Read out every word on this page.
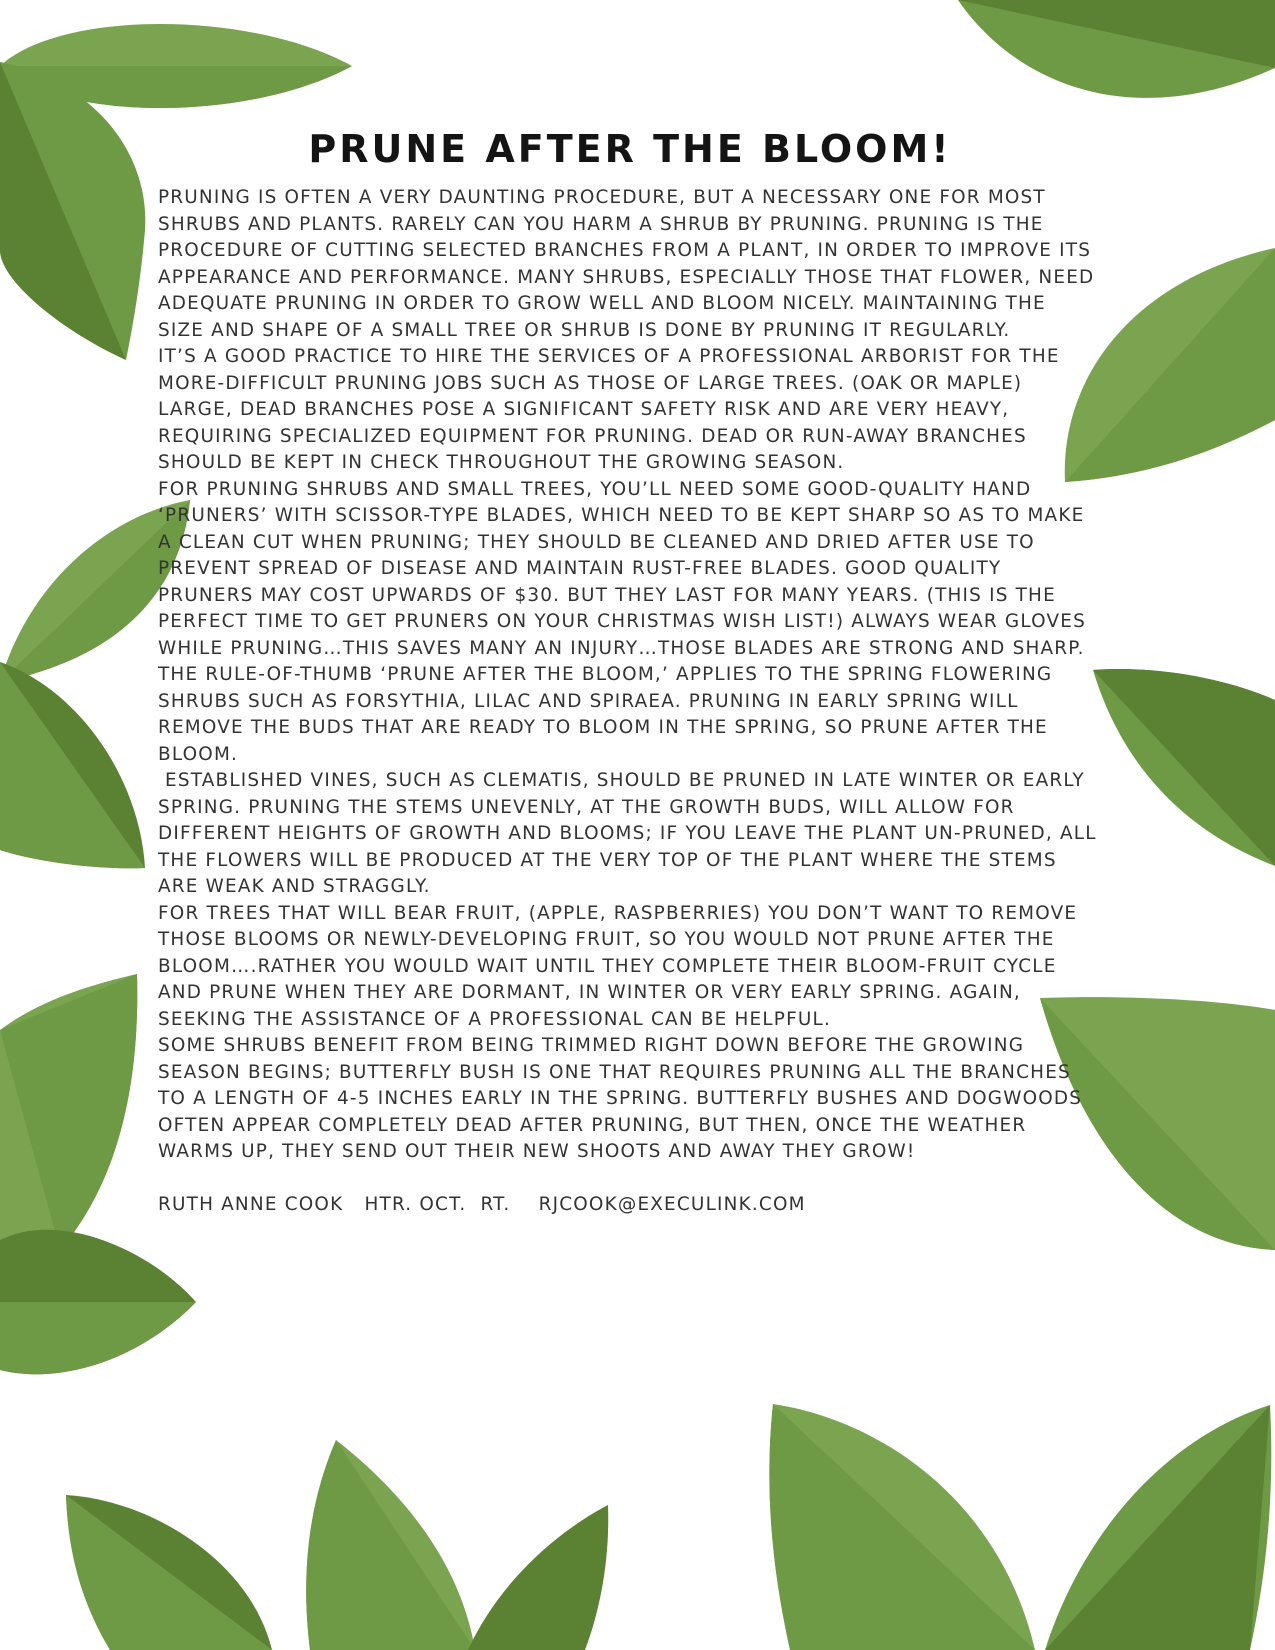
PRUNE AFTER THE BLOOM!

PRUNING IS OFTEN A VERY DAUNTING PROCEDURE, BUT A NECESSARY ONE FOR MOST SHRUBS AND PLANTS. RARELY CAN YOU HARM A SHRUB BY PRUNING. PRUNING IS THE PROCEDURE OF CUTTING SELECTED BRANCHES FROM A PLANT, IN ORDER TO IMPROVE ITS APPEARANCE AND PERFORMANCE. MANY SHRUBS, ESPECIALLY THOSE THAT FLOWER, NEED ADEQUATE PRUNING IN ORDER TO GROW WELL AND BLOOM NICELY. MAINTAINING THE SIZE AND SHAPE OF A SMALL TREE OR SHRUB IS DONE BY PRUNING IT REGULARLY.

IT’S A GOOD PRACTICE TO HIRE THE SERVICES OF A PROFESSIONAL ARBORIST FOR THE MORE-DIFFICULT PRUNING JOBS SUCH AS THOSE OF LARGE TREES. (OAK OR MAPLE) LARGE, DEAD BRANCHES POSE A SIGNIFICANT SAFETY RISK AND ARE VERY HEAVY, REQUIRING SPECIALIZED EQUIPMENT FOR PRUNING. DEAD OR RUN-AWAY BRANCHES SHOULD BE KEPT IN CHECK THROUGHOUT THE GROWING SEASON.

FOR PRUNING SHRUBS AND SMALL TREES, YOU’LL NEED SOME GOOD-QUALITY HAND ‘PRUNERS’ WITH SCISSOR-TYPE BLADES, WHICH NEED TO BE KEPT SHARP SO AS TO MAKE A CLEAN CUT WHEN PRUNING; THEY SHOULD BE CLEANED AND DRIED AFTER USE TO PREVENT SPREAD OF DISEASE AND MAINTAIN RUST-FREE BLADES. GOOD QUALITY PRUNERS MAY COST UPWARDS OF $30. BUT THEY LAST FOR MANY YEARS. (THIS IS THE PERFECT TIME TO GET PRUNERS ON YOUR CHRISTMAS WISH LIST!) ALWAYS WEAR GLOVES WHILE PRUNING…THIS SAVES MANY AN INJURY…THOSE BLADES ARE STRONG AND SHARP.

THE RULE-OF-THUMB ‘PRUNE AFTER THE BLOOM,’ APPLIES TO THE SPRING FLOWERING SHRUBS SUCH AS FORSYTHIA, LILAC AND SPIRAEA. PRUNING IN EARLY SPRING WILL REMOVE THE BUDS THAT ARE READY TO BLOOM IN THE SPRING, SO PRUNE AFTER THE BLOOM.

ESTABLISHED VINES, SUCH AS CLEMATIS, SHOULD BE PRUNED IN LATE WINTER OR EARLY SPRING. PRUNING THE STEMS UNEVENLY, AT THE GROWTH BUDS, WILL ALLOW FOR DIFFERENT HEIGHTS OF GROWTH AND BLOOMS; IF YOU LEAVE THE PLANT UN-PRUNED, ALL THE FLOWERS WILL BE PRODUCED AT THE VERY TOP OF THE PLANT WHERE THE STEMS ARE WEAK AND STRAGGLY.

FOR TREES THAT WILL BEAR FRUIT, (APPLE, RASPBERRIES) YOU DON’T WANT TO REMOVE THOSE BLOOMS OR NEWLY-DEVELOPING FRUIT, SO YOU WOULD NOT PRUNE AFTER THE BLOOM….RATHER YOU WOULD WAIT UNTIL THEY COMPLETE THEIR BLOOM-FRUIT CYCLE AND PRUNE WHEN THEY ARE DORMANT, IN WINTER OR VERY EARLY SPRING. AGAIN, SEEKING THE ASSISTANCE OF A PROFESSIONAL CAN BE HELPFUL.

SOME SHRUBS BENEFIT FROM BEING TRIMMED RIGHT DOWN BEFORE THE GROWING SEASON BEGINS; BUTTERFLY BUSH IS ONE THAT REQUIRES PRUNING ALL THE BRANCHES TO A LENGTH OF 4-5 INCHES EARLY IN THE SPRING. BUTTERFLY BUSHES AND DOGWOODS OFTEN APPEAR COMPLETELY DEAD AFTER PRUNING, BUT THEN, ONCE THE WEATHER WARMS UP, THEY SEND OUT THEIR NEW SHOOTS AND AWAY THEY GROW!

RUTH ANNE COOK   HTR. OCT.  RT.    RJCOOK@EXECULINK.COM
